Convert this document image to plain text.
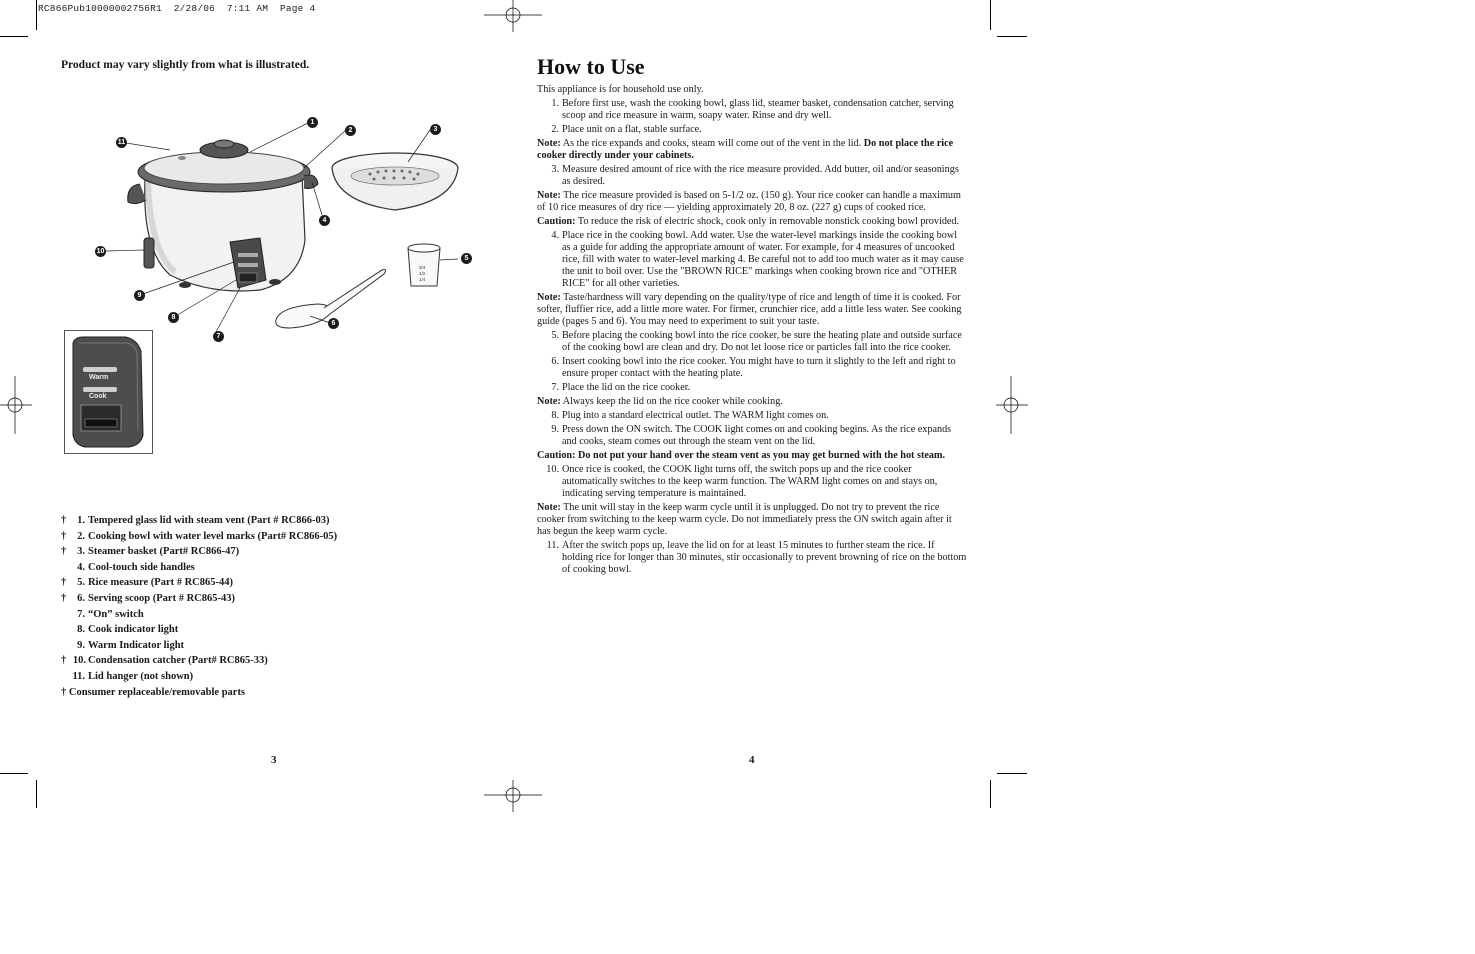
RC866Pub10000002756R1  2/28/06  7:11 AM  Page 4
Product may vary slightly from what is illustrated.
3/4
1/2
1/4
1
2	3
4
5
6
7
8
9
10
11
Warm
Cook
†	1. Tempered glass lid with steam vent (Part # RC866-03)
†	2. Cooking bowl with water level marks (Part# RC866-05)
†	3. Steamer basket (Part# RC866-47)
4. Cool-touch side handles
†	5. Rice measure (Part # RC865-44)
†	6. Serving scoop (Part # RC865-43)
7. “On” switch
8. Cook indicator light
9. Warm Indicator light
† 10. Condensation catcher (Part# RC865-33)
11. Lid hanger (not shown)
† Consumer replaceable/removable parts
3
How to Use

This appliance is for household use only.

1. Before first use, wash the cooking bowl, glass lid, steamer basket, condensation catcher, serving scoop and rice measure in warm, soapy water. Rinse and dry well.
2. Place unit on a flat, stable surface.

Note: As the rice expands and cooks, steam will come out of the vent in the lid. Do not place the rice cooker directly under your cabinets.

3. Measure desired amount of rice with the rice measure provided. Add butter, oil and/or seasonings as desired.

Note: The rice measure provided is based on 5-1/2 oz. (150 g). Your rice cooker can handle a maximum of 10 rice measures of dry rice — yielding approximately 20, 8 oz. (227 g) cups of cooked rice.

Caution: To reduce the risk of electric shock, cook only in removable nonstick cooking bowl provided.

4. Place rice in the cooking bowl. Add water. Use the water-level markings inside the cooking bowl as a guide for adding the appropriate amount of water. For example, for 4 measures of uncooked rice, fill with water to water-level marking 4. Be careful not to add too much water as it may cause the unit to boil over. Use the "BROWN RICE" markings when cooking brown rice and "OTHER RICE" for all other varieties.

Note: Taste/hardness will vary depending on the quality/type of rice and length of time it is cooked. For softer, fluffier rice, add a little more water. For firmer, crunchier rice, add a little less water. See cooking guide (pages 5 and 6). You may need to experiment to suit your taste.

5. Before placing the cooking bowl into the rice cooker, be sure the heating plate and outside surface of the cooking bowl are clean and dry. Do not let loose rice or particles fall into the rice cooker.
6. Insert cooking bowl into the rice cooker. You might have to turn it slightly to the left and right to ensure proper contact with the heating plate.
7. Place the lid on the rice cooker.

Note: Always keep the lid on the rice cooker while cooking.

8. Plug into a standard electrical outlet. The WARM light comes on.
9. Press down the ON switch. The COOK light comes on and cooking begins. As the rice expands and cooks, steam comes out through the steam vent on the lid.

Caution: Do not put your hand over the steam vent as you may get burned with the hot steam.

10. Once rice is cooked, the COOK light turns off, the switch pops up and the rice cooker automatically switches to the keep warm function. The WARM light comes on and stays on, indicating serving temperature is maintained.

Note: The unit will stay in the keep warm cycle until it is unplugged. Do not try to prevent the rice cooker from switching to the keep warm cycle. Do not immediately press the ON switch again after it has begun the keep warm cycle.

11. After the switch pops up, leave the lid on for at least 15 minutes to further steam the rice. If holding rice for longer than 30 minutes, stir occasionally to prevent browning of rice on the bottom of cooking bowl.
4
